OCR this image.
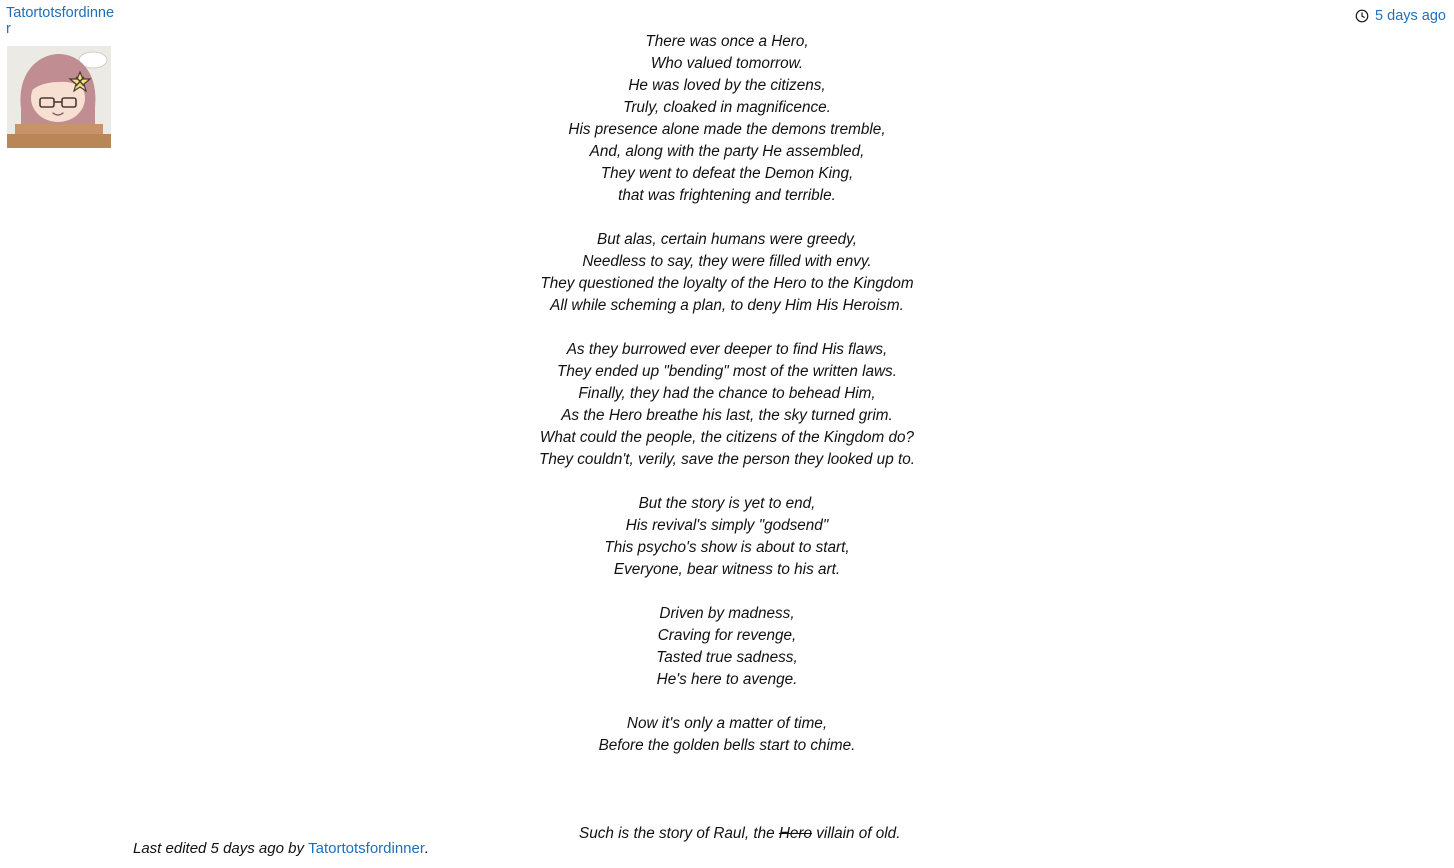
Tatortotsfordinner
5 days ago
There was once a Hero,
Who valued tomorrow.
He was loved by the citizens,
Truly, cloaked in magnificence.
His presence alone made the demons tremble,
And, along with the party He assembled,
They went to defeat the Demon King,
that was frightening and terrible.
But alas, certain humans were greedy,
Needless to say, they were filled with envy.
They questioned the loyalty of the Hero to the Kingdom
All while scheming a plan, to deny Him His Heroism.
As they burrowed ever deeper to find His flaws,
They ended up "bending" most of the written laws.
Finally, they had the chance to behead Him,
As the Hero breathe his last, the sky turned grim.
What could the people, the citizens of the Kingdom do?
They couldn't, verily, save the person they looked up to.
But the story is yet to end,
His revival's simply "godsend"
This psycho's show is about to start,
Everyone, bear witness to his art.
Driven by madness,
Craving for revenge,
Tasted true sadness,
He's here to avenge.
Now it's only a matter of time,
Before the golden bells start to chime.

Such is the story of Raul, the Hero villain of old.

Last edited 5 days ago by Tatortotsfordinner.
